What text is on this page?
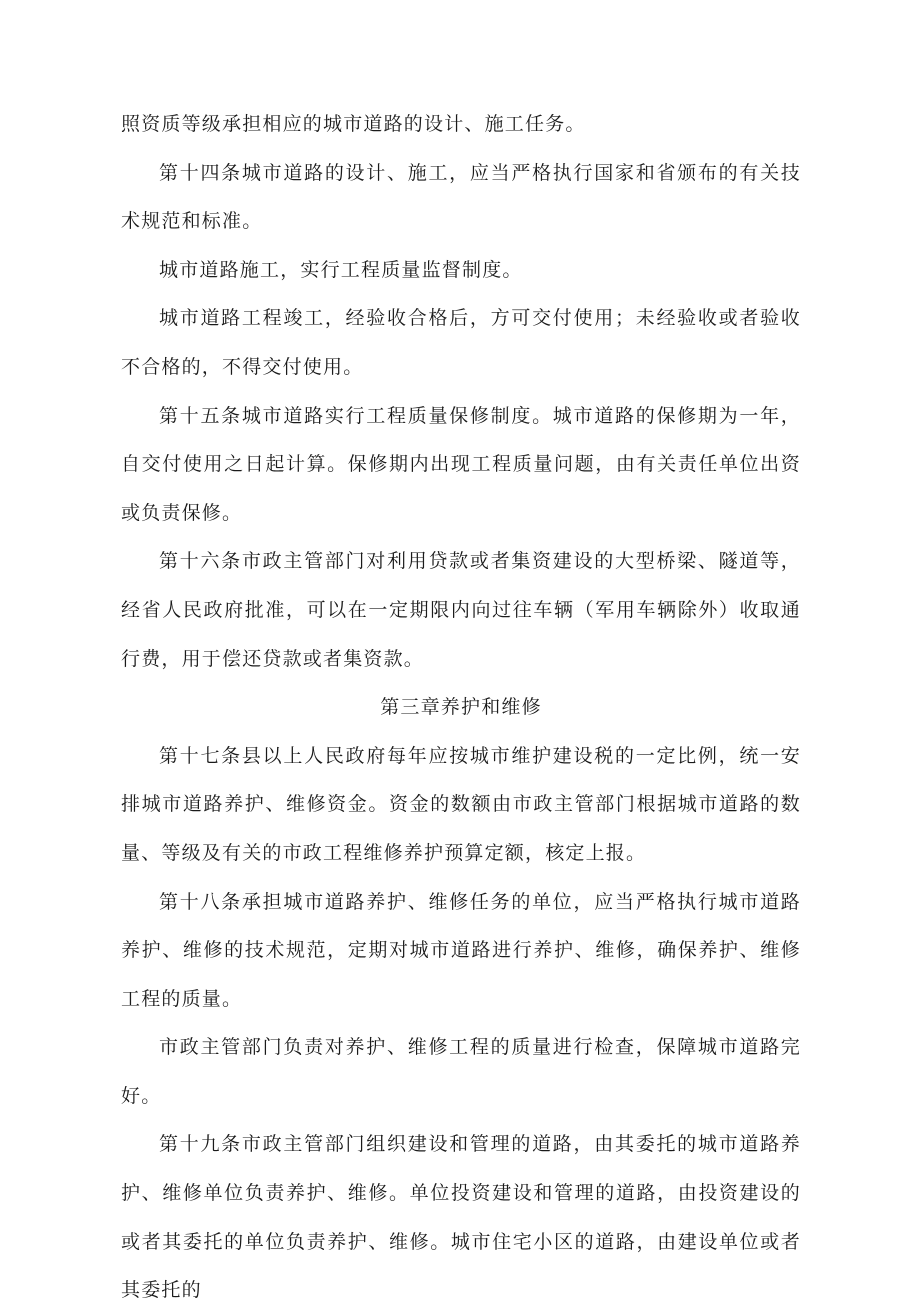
照资质等级承担相应的城市道路的设计、施工任务。

第十四条城市道路的设计、施工，应当严格执行国家和省颁布的有关技术规范和标准。

城市道路施工，实行工程质量监督制度。

城市道路工程竣工，经验收合格后，方可交付使用；未经验收或者验收不合格的，不得交付使用。

第十五条城市道路实行工程质量保修制度。城市道路的保修期为一年，自交付使用之日起计算。保修期内出现工程质量问题，由有关责任单位出资或负责保修。

第十六条市政主管部门对利用贷款或者集资建设的大型桥梁、隧道等，经省人民政府批准，可以在一定期限内向过往车辆（军用车辆除外）收取通行费，用于偿还贷款或者集资款。

第三章养护和维修

第十七条县以上人民政府每年应按城市维护建设税的一定比例，统一安排城市道路养护、维修资金。资金的数额由市政主管部门根据城市道路的数量、等级及有关的市政工程维修养护预算定额，核定上报。

第十八条承担城市道路养护、维修任务的单位，应当严格执行城市道路养护、维修的技术规范，定期对城市道路进行养护、维修，确保养护、维修工程的质量。

市政主管部门负责对养护、维修工程的质量进行检查，保障城市道路完好。

第十九条市政主管部门组织建设和管理的道路，由其委托的城市道路养护、维修单位负责养护、维修。单位投资建设和管理的道路，由投资建设的或者其委托的单位负责养护、维修。城市住宅小区的道路，由建设单位或者其委托的
